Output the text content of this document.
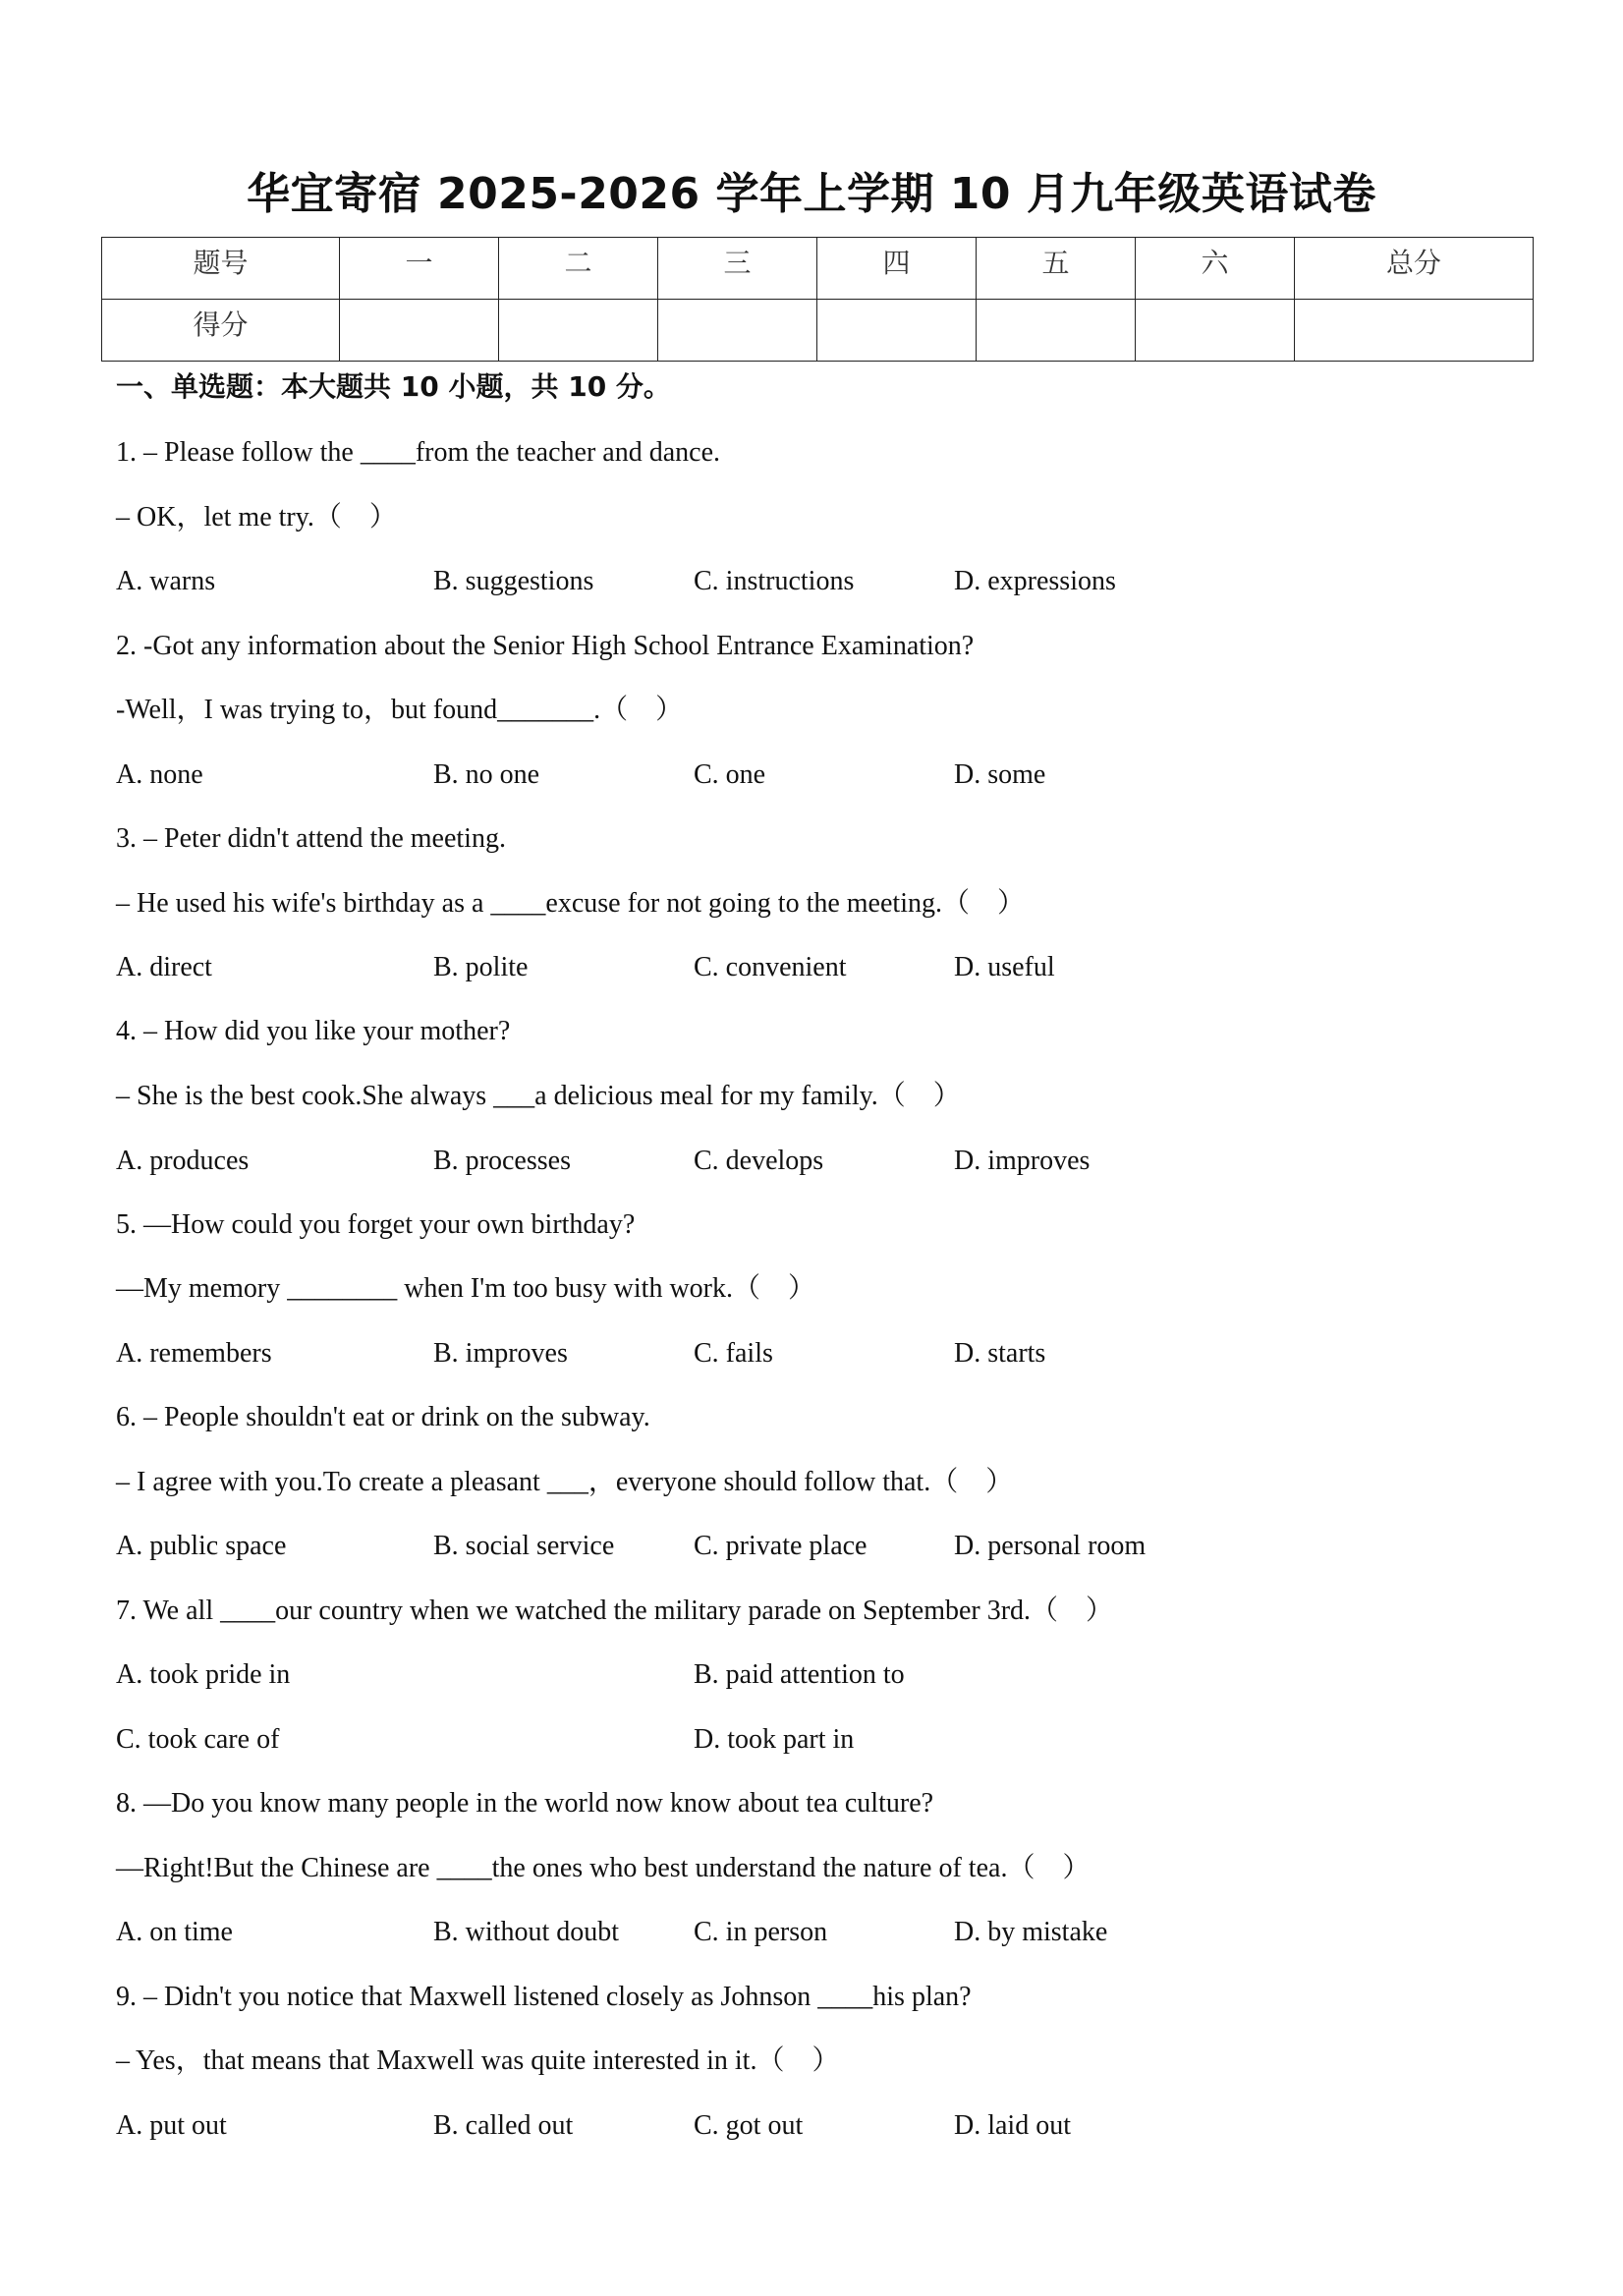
华宜寄宿 2025-2026 学年上学期 10 月九年级英语试卷
题号	一	二	三	四	五	六	总分
得分							
一、单选题：本大题共 10 小题，共 10 分。
1. – Please follow the ____from the teacher and dance.
– OK，let me try.（　）
A. warns	B. suggestions	C. instructions	D. expressions
2. -Got any information about the Senior High School Entrance Examination?
-Well，I was trying to，but found_______.（　）
A. none	B. no one	C. one	D. some
3. – Peter didn't attend the meeting.
– He used his wife's birthday as a ____excuse for not going to the meeting.（　）
A. direct	B. polite	C. convenient	D. useful
4. – How did you like your mother?
– She is the best cook.She always ___a delicious meal for my family.（　）
A. produces	B. processes	C. develops	D. improves
5. —How could you forget your own birthday?
—My memory ________ when I'm too busy with work.（　）
A. remembers	B. improves	C. fails	D. starts
6. – People shouldn't eat or drink on the subway.
– I agree with you.To create a pleasant ___，everyone should follow that.（　）
A. public space	B. social service	C. private place	D. personal room
7. We all ____our country when we watched the military parade on September 3rd.（　）
A. took pride in	B. paid attention to
C. took care of	D. took part in
8. —Do you know many people in the world now know about tea culture?
—Right!But the Chinese are ____the ones who best understand the nature of tea.（　）
A. on time	B. without doubt	C. in person	D. by mistake
9. – Didn't you notice that Maxwell listened closely as Johnson ____his plan?
– Yes，that means that Maxwell was quite interested in it.（　）
A. put out	B. called out	C. got out	D. laid out
